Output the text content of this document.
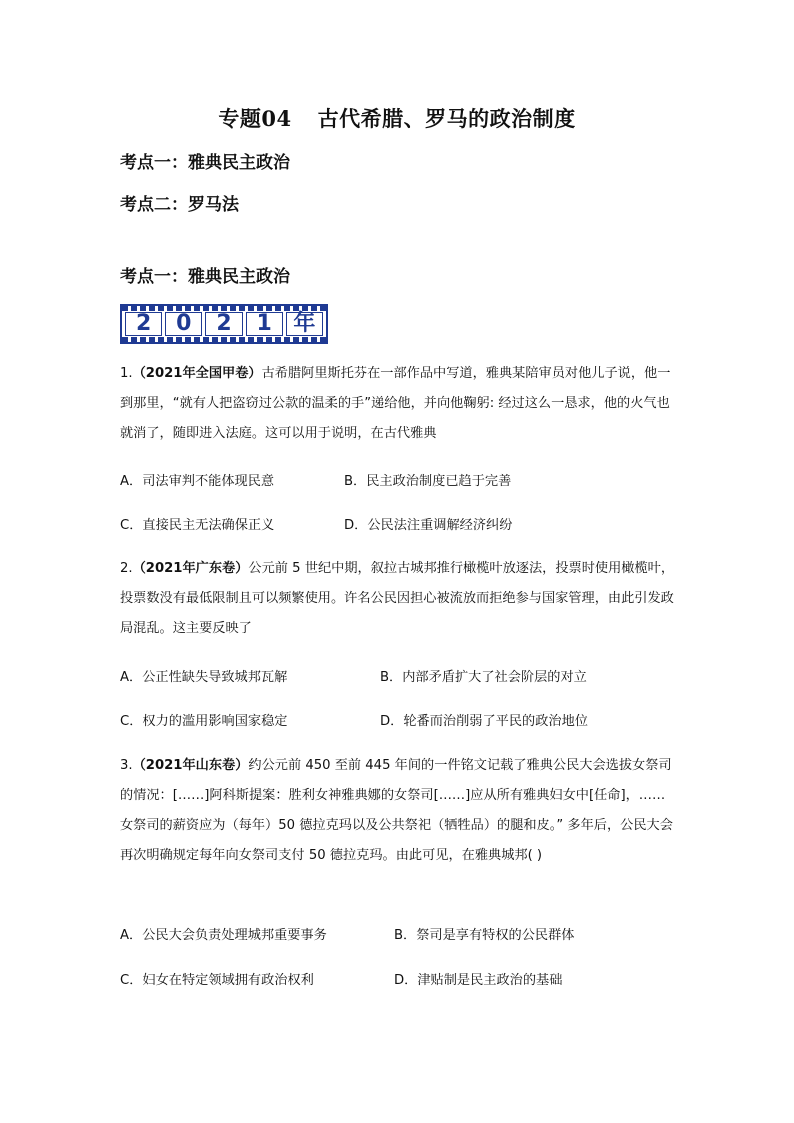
专题04 古代希腊、罗马的政治制度
考点一：雅典民主政治
考点二：罗马法
考点一：雅典民主政治
2	0	2	1 年
1.（2021年全国甲卷）古希腊阿里斯托芬在一部作品中写道，雅典某陪审员对他儿子说，他一到那里，“就有人把盗窃过公款的温柔的手”递给他，并向他鞠躬: 经过这么一恳求，他的火气也就消了，随即进入法庭。这可以用于说明，在古代雅典
A．司法审判不能体现民意	B．民主政治制度已趋于完善
C．直接民主无法确保正义	D．公民法注重调解经济纠纷
2.（2021年广东卷）公元前 5 世纪中期，叙拉古城邦推行橄榄叶放逐法，投票时使用橄榄叶，投票数没有最低限制且可以频繁使用。许名公民因担心被流放而拒绝参与国家管理，由此引发政局混乱。这主要反映了
A．公正性缺失导致城邦瓦解	B．内部矛盾扩大了社会阶层的对立
C．权力的滥用影响国家稳定	D．轮番而治削弱了平民的政治地位
3.（2021年山东卷）约公元前 450 至前 445 年间的一件铭文记载了雅典公民大会选拔女祭司的情况：[……]阿科斯提案：胜利女神雅典娜的女祭司[……]应从所有雅典妇女中[任命]，……女祭司的薪资应为（每年）50 德拉克玛以及公共祭祀（牺牲品）的腿和皮。” 多年后，公民大会再次明确规定每年向女祭司支付 50 德拉克玛。由此可见，在雅典城邦( )
A．公民大会负责处理城邦重要事务	B．祭司是享有特权的公民群体
C．妇女在特定领域拥有政治权利	D．津贴制是民主政治的基础
